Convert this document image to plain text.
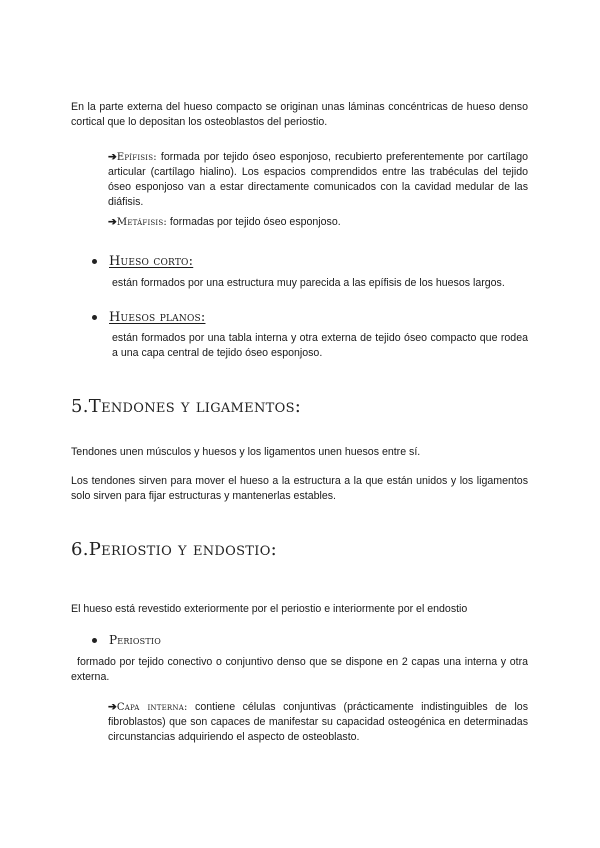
En la parte externa del hueso compacto se originan unas láminas concéntricas de hueso denso cortical que lo depositan los osteoblastos del periostio.

➔Epífisis: formada por tejido óseo esponjoso, recubierto preferentemente por cartílago articular (cartílago hialino). Los espacios comprendidos entre las trabéculas del tejido óseo esponjoso van a estar directamente comunicados con la cavidad medular de las diáfisis.

➔Metáfisis: formadas por tejido óseo esponjoso.

Hueso corto:

están formados por una estructura muy parecida a las epífisis de los huesos largos.

Huesos planos:

están formados por una tabla interna y otra externa de tejido óseo compacto que rodea a una capa central de tejido óseo esponjoso.

5.Tendones y ligamentos:

Tendones unen músculos y huesos y los ligamentos unen huesos entre sí.

Los tendones sirven para mover el hueso a la estructura a la que están unidos y los ligamentos solo sirven para fijar estructuras y mantenerlas estables.

6.Periostio y endostio:

El hueso está revestido exteriormente por el periostio e interiormente por el endostio

Periostio

formado por tejido conectivo o conjuntivo denso que se dispone en 2 capas una interna y otra externa.

➔Capa interna: contiene células conjuntivas (prácticamente indistinguibles de los fibroblastos) que son capaces de manifestar su capacidad osteogénica en determinadas circunstancias adquiriendo el aspecto de osteoblasto.
